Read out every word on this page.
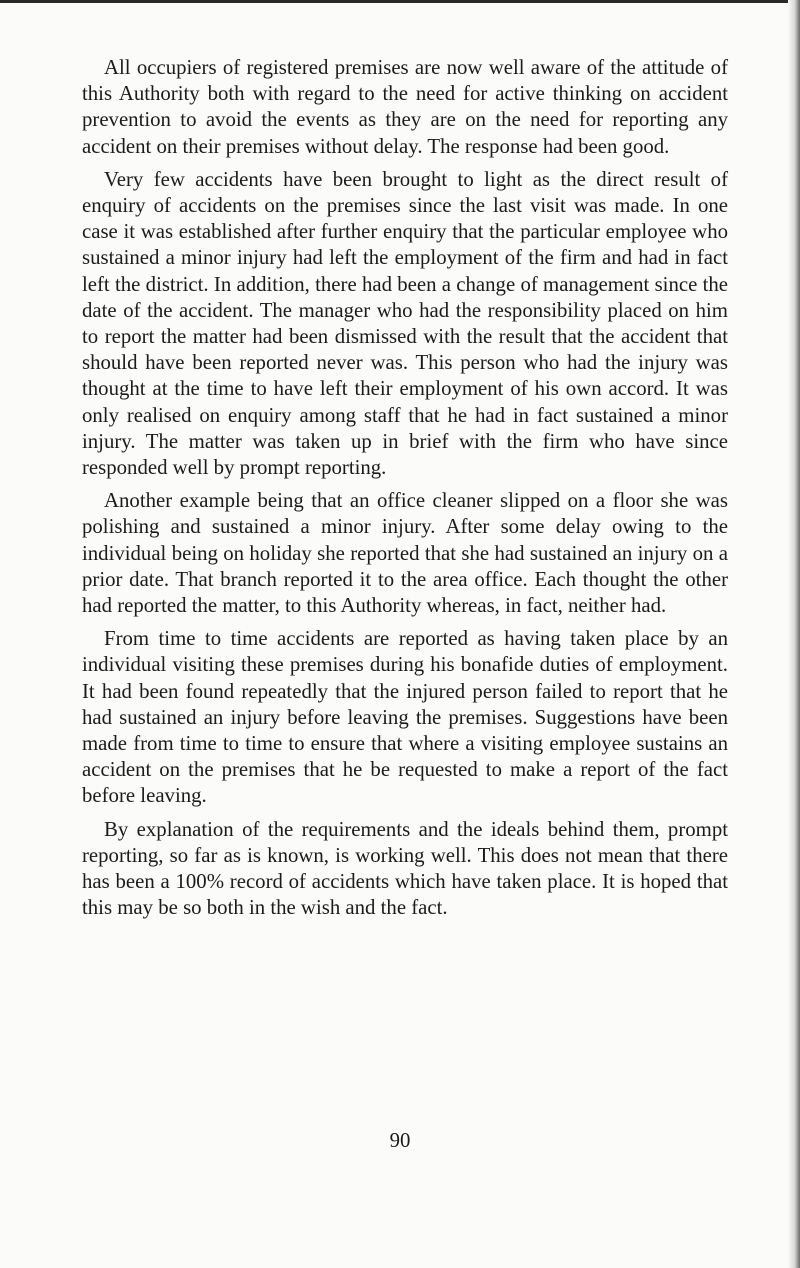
All occupiers of registered premises are now well aware of the attitude of this Authority both with regard to the need for active thinking on accident prevention to avoid the events as they are on the need for reporting any accident on their premises without delay. The response had been good.

Very few accidents have been brought to light as the direct result of enquiry of accidents on the premises since the last visit was made. In one case it was established after further enquiry that the particular employee who sustained a minor injury had left the employment of the firm and had in fact left the district. In addition, there had been a change of management since the date of the accident. The manager who had the responsibility placed on him to report the matter had been dismissed with the result that the accident that should have been reported never was. This person who had the injury was thought at the time to have left their employment of his own accord. It was only realised on enquiry among staff that he had in fact sustained a minor injury. The matter was taken up in brief with the firm who have since responded well by prompt reporting.

Another example being that an office cleaner slipped on a floor she was polishing and sustained a minor injury. After some delay owing to the individual being on holiday she reported that she had sustained an injury on a prior date. That branch reported it to the area office. Each thought the other had reported the matter, to this Authority whereas, in fact, neither had.

From time to time accidents are reported as having taken place by an individual visiting these premises during his bonafide duties of employment. It had been found repeatedly that the injured person failed to report that he had sustained an injury before leaving the premises. Suggestions have been made from time to time to ensure that where a visiting employee sustains an accident on the premises that he be requested to make a report of the fact before leaving.

By explanation of the requirements and the ideals behind them, prompt reporting, so far as is known, is working well. This does not mean that there has been a 100% record of accidents which have taken place. It is hoped that this may be so both in the wish and the fact.

90
